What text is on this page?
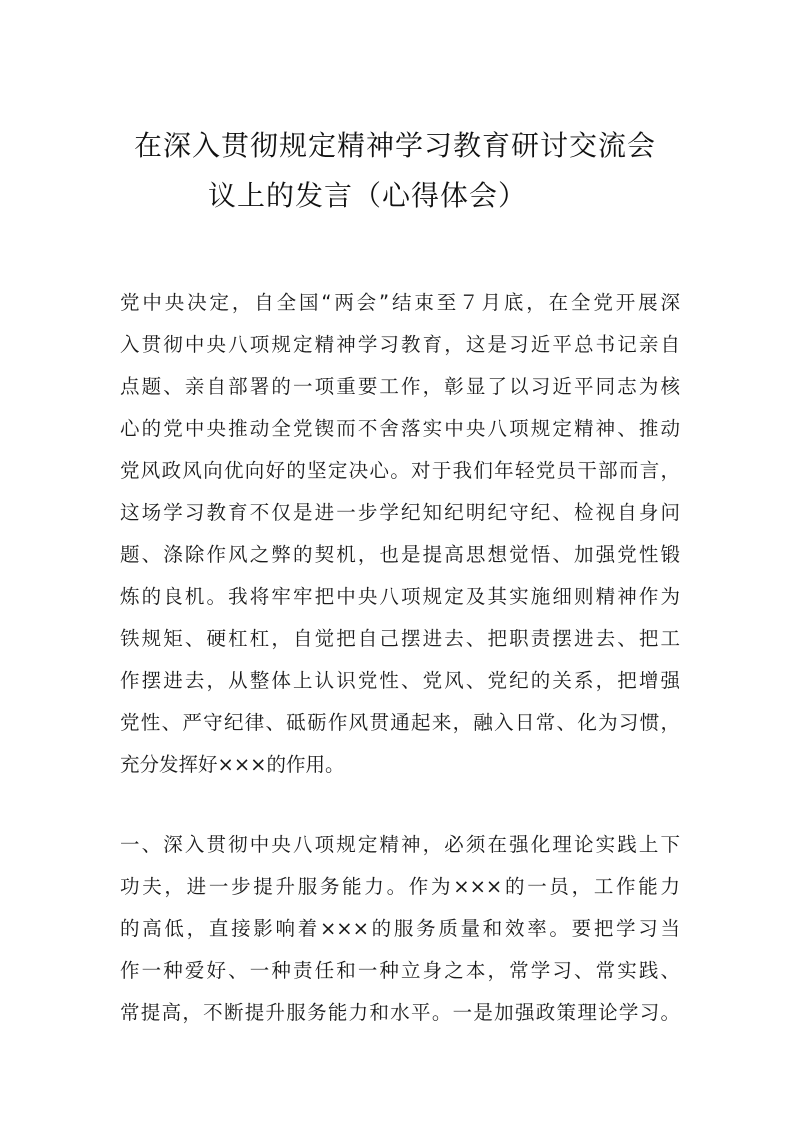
在深入贯彻规定精神学习教育研讨交流会
议上的发言（心得体会）
党中央决定，自全国“两会”结束至７月底，在全党开展深
入贯彻中央八项规定精神学习教育，这是习近平总书记亲自
点题、亲自部署的一项重要工作，彰显了以习近平同志为核
心的党中央推动全党锲而不舍落实中央八项规定精神、推动
党风政风向优向好的坚定决心。对于我们年轻党员干部而言，
这场学习教育不仅是进一步学纪知纪明纪守纪、检视自身问
题、涤除作风之弊的契机，也是提高思想觉悟、加强党性锻
炼的良机。我将牢牢把中央八项规定及其实施细则精神作为
铁规矩、硬杠杠，自觉把自己摆进去、把职责摆进去、把工
作摆进去，从整体上认识党性、党风、党纪的关系，把增强
党性、严守纪律、砥砺作风贯通起来，融入日常、化为习惯，
充分发挥好×××的作用。
一、深入贯彻中央八项规定精神，必须在强化理论实践上下
功夫，进一步提升服务能力。作为×××的一员，工作能力
的高低，直接影响着×××的服务质量和效率。要把学习当
作一种爱好、一种责任和一种立身之本，常学习、常实践、
常提高，不断提升服务能力和水平。一是加强政策理论学习。
